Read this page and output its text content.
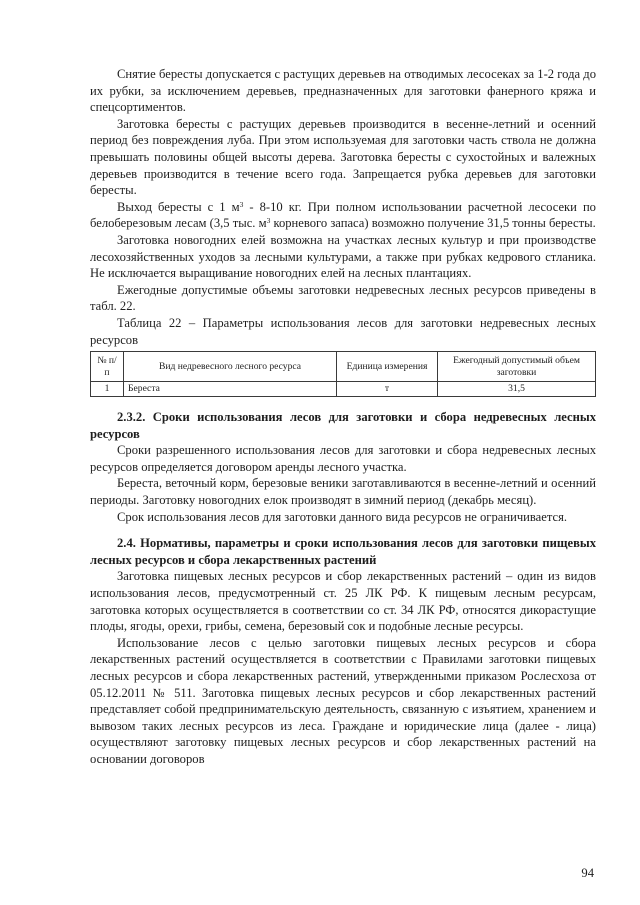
Снятие бересты допускается с растущих деревьев на отводимых лесосеках за 1-2 года до их рубки, за исключением деревьев, предназначенных для заготовки фанерного кряжа и спецсортиментов.

Заготовка бересты с растущих деревьев производится в весенне-летний и осенний период без повреждения луба. При этом используемая для заготовки часть ствола не должна превышать половины общей высоты дерева. Заготовка бересты с сухостойных и валежных деревьев производится в течение всего года. Запрещается рубка деревьев для заготовки бересты.

Выход бересты с 1 $м^3 - 8-10$ кг. При полном использовании расчетной лесосеки по белоберезовым лесам (3,5 тыс. $м^3$ корневого запаса) возможно получение 31,5 тонны бересты.

Заготовка новогодних елей возможна на участках лесных культур и при производстве лесохозяйственных уходов за лесными культурами, а также при рубках кедрового стланика. Не исключается выращивание новогодних елей на лесных плантациях.

Ежегодные допустимые объемы заготовки недревесных лесных ресурсов приведены в табл. 22.

Таблица 22 – Параметры использования лесов для заготовки недревесных лесных ресурсов

№ п/п	Вид недревесного лесного ресурса	Единица измерения	Ежегодный допустимый объем заготовки
1	Береста	т	31,5
2.3.2. Сроки использования лесов для заготовки и сбора недревесных лесных ресурсов

Сроки разрешенного использования лесов для заготовки и сбора недревесных лесных ресурсов определяется договором аренды лесного участка.

Береста, веточный корм, березовые веники заготавливаются в весенне-летний и осенний периоды. Заготовку новогодних елок производят в зимний период (декабрь месяц).

Срок использования лесов для заготовки данного вида ресурсов не ограничивается.

2.4. Нормативы, параметры и сроки использования лесов для заготовки пищевых лесных ресурсов и сбора лекарственных растений

Заготовка пищевых лесных ресурсов и сбор лекарственных растений – один из видов использования лесов, предусмотренный ст. 25 ЛК РФ. К пищевым лесным ресурсам, заготовка которых осуществляется в соответствии со ст. 34 ЛК РФ, относятся дикорастущие плоды, ягоды, орехи, грибы, семена, березовый сок и подобные лесные ресурсы.

Использование лесов с целью заготовки пищевых лесных ресурсов и сбора лекарственных растений осуществляется в соответствии с Правилами заготовки пищевых лесных ресурсов и сбора лекарственных растений, утвержденными приказом Рослесхоза от 05.12.2011 № 511. Заготовка пищевых лесных ресурсов и сбор лекарственных растений представляет собой предпринимательскую деятельность, связанную с изъятием, хранением и вывозом таких лесных ресурсов из леса. Граждане и юридические лица (далее - лица) осуществляют заготовку пищевых лесных ресурсов и сбор лекарственных растений на основании договоров

94
